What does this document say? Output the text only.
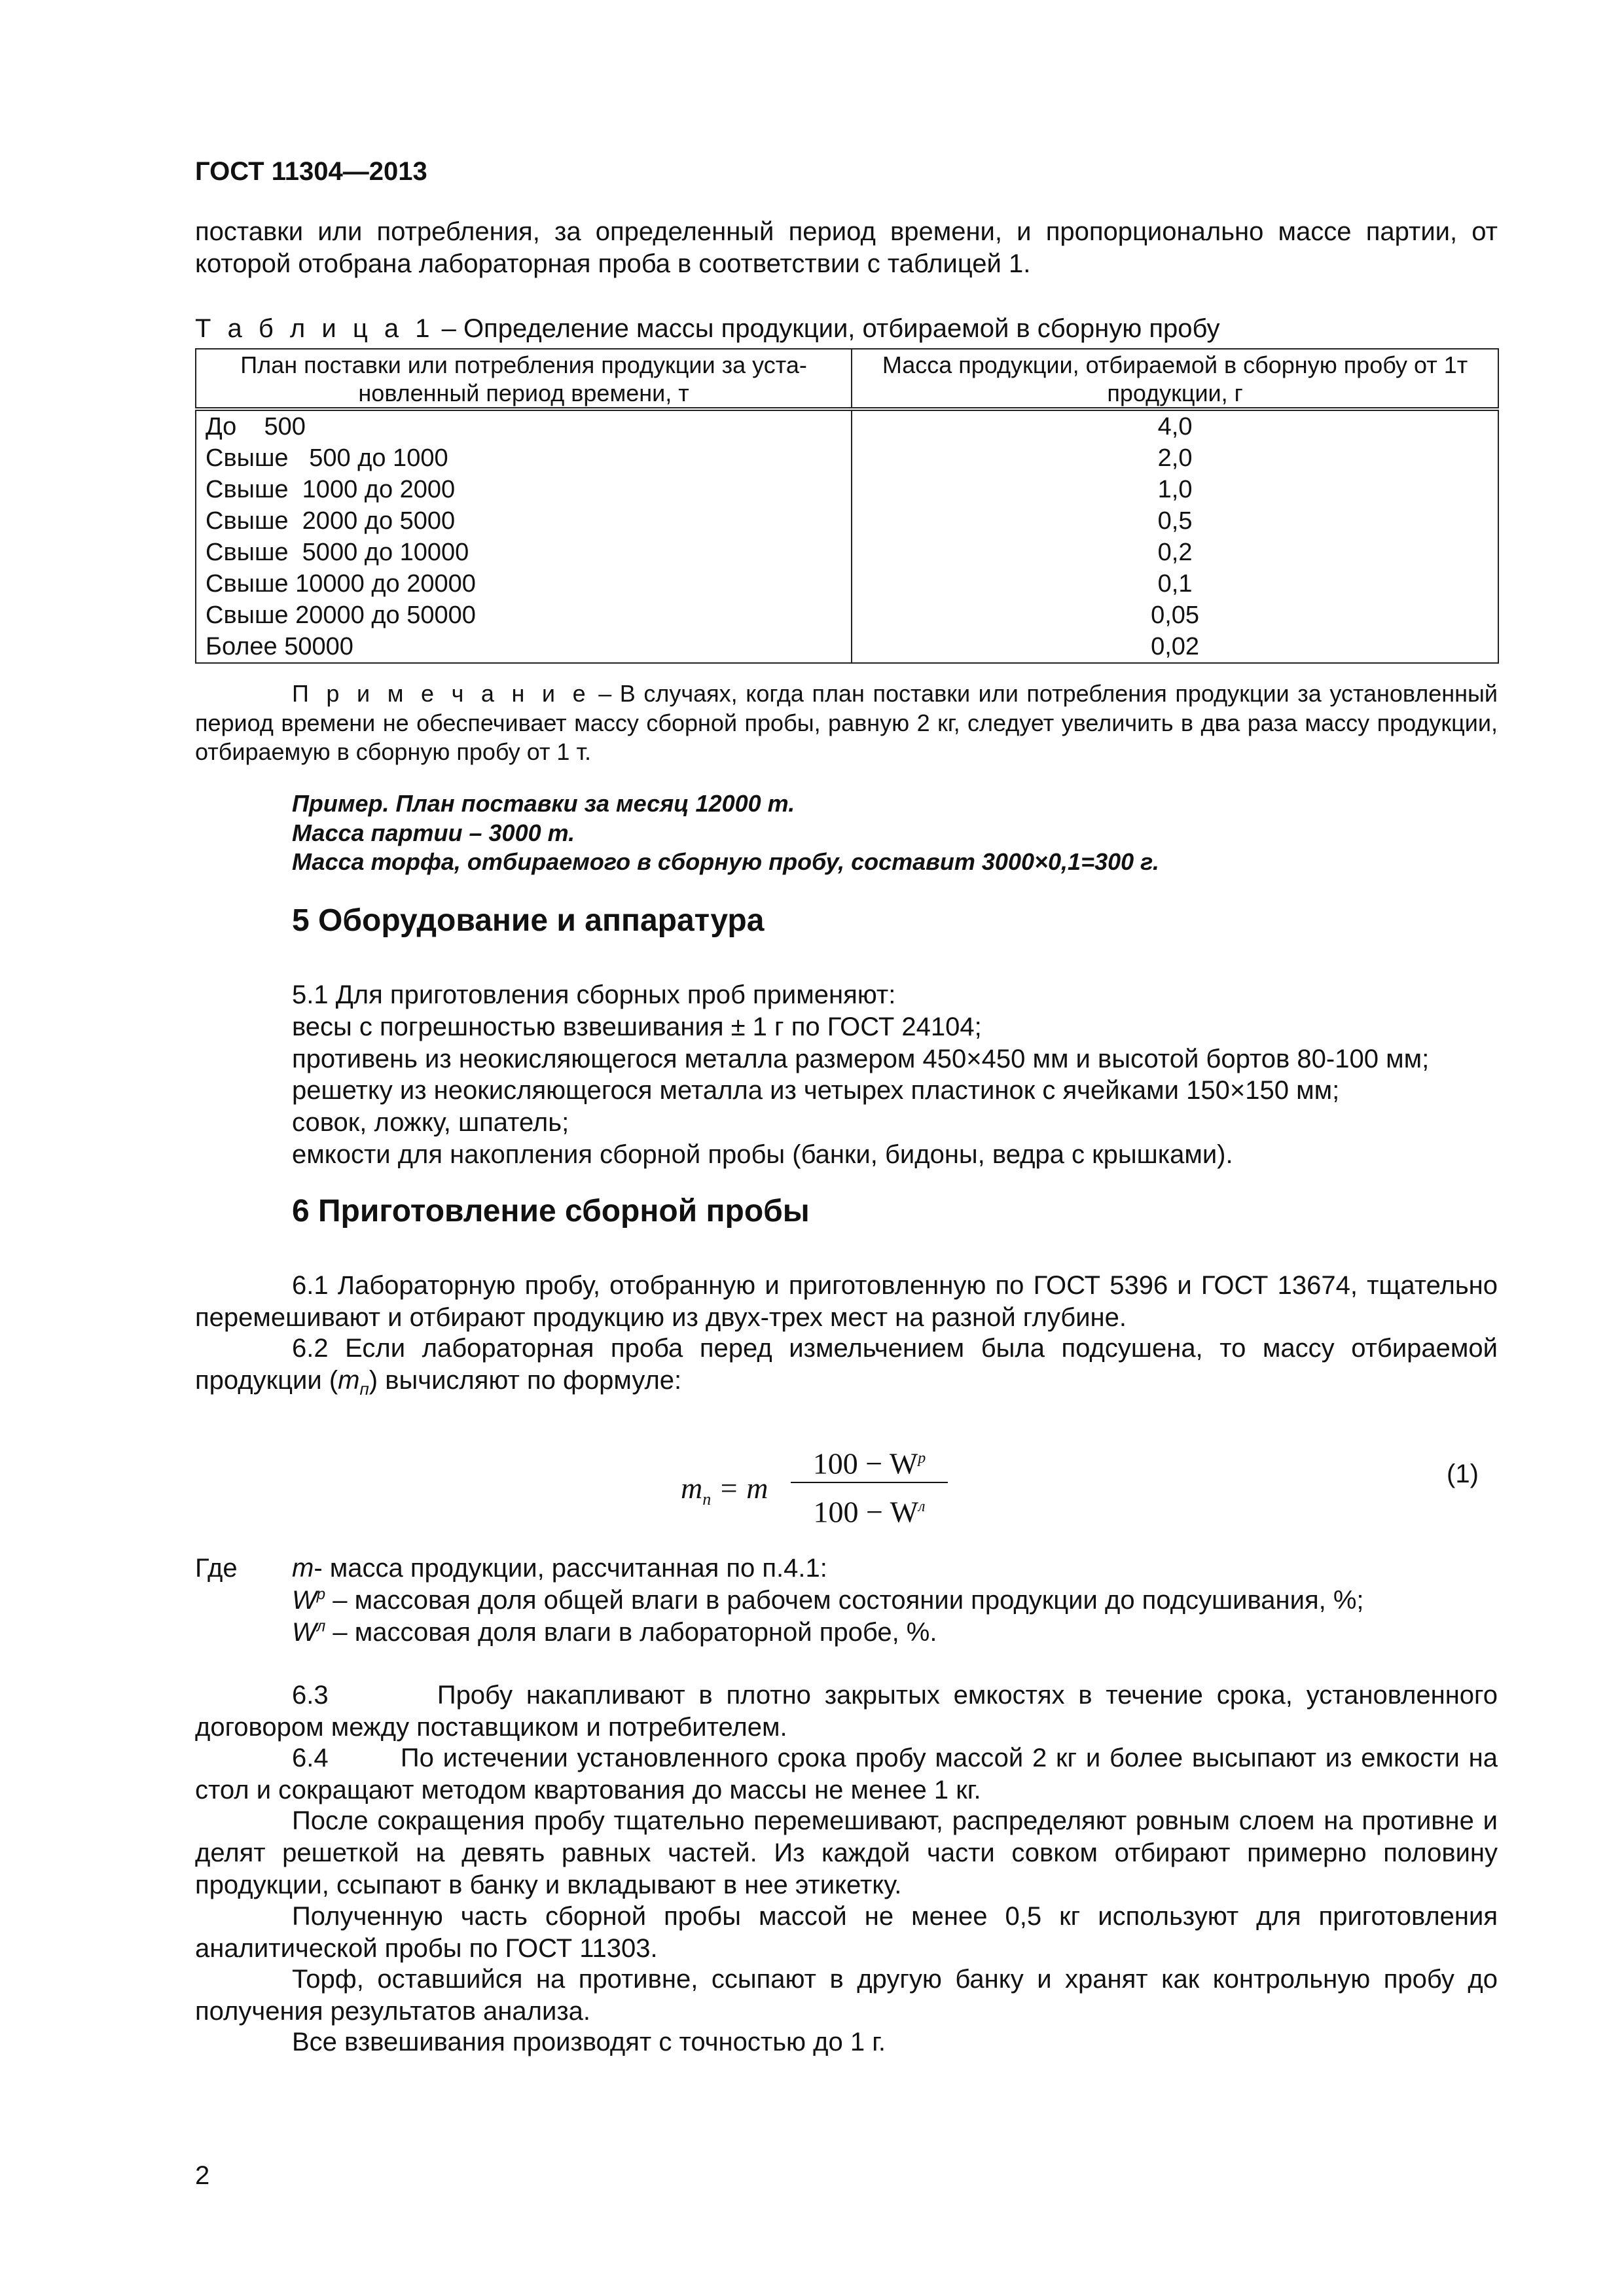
ГОСТ 11304—2013
поставки или потребления, за определенный период времени, и пропорционально массе партии, от которой отобрана лабораторная проба в соответствии с таблицей 1.
Т а б л и ц а 1 – Определение массы продукции, отбираемой в сборную пробу
План поставки или потребления продукции за уста-новленный период времени, т	Масса продукции, отбираемой в сборную пробу от 1т продукции, г
До    500	4,0
Свыше   500 до 1000	2,0
Свыше  1000 до 2000	1,0
Свыше  2000 до 5000	0,5
Свыше  5000 до 10000	0,2
Свыше 10000 до 20000	0,1
Свыше 20000 до 50000	0,05
Более 50000	0,02
П р и м е ч а н и е – В случаях, когда план поставки или потребления продукции за установленный период времени не обеспечивает массу сборной пробы, равную 2 кг, следует увеличить в два раза массу продукции, отбираемую в сборную пробу от 1 т.
Пример. План поставки за месяц 12000 т.
Масса партии – 3000 т.
Масса торфа, отбираемого в сборную пробу, составит 3000×0,1=300 г.
5 Оборудование и аппаратура
5.1 Для приготовления сборных проб применяют:
весы с погрешностью взвешивания ± 1 г по ГОСТ 24104;
противень из неокисляющегося металла размером 450×450 мм и высотой бортов 80-100 мм;
решетку из неокисляющегося металла из четырех пластинок с ячейками 150×150 мм;
совок, ложку, шпатель;
емкости для накопления сборной пробы (банки, бидоны, ведра с крышками).
6 Приготовление сборной пробы
6.1 Лабораторную пробу, отобранную и приготовленную по ГОСТ 5396 и ГОСТ 13674, тщательно перемешивают и отбирают продукцию из двух-трех мест на разной глубине.
6.2 Если лабораторная проба перед измельчением была подсушена, то массу отбираемой продукции $(m_п)$ вычисляют по формуле:
$m_п = m$
$100 - W^р$
$100 - W^л$
(1)
Где m- масса продукции, рассчитанная по п.4.1:
$W^р$ – массовая доля общей влаги в рабочем состоянии продукции до подсушивания, %;
$W^л$ – массовая доля влаги в лабораторной пробе, %.
6.3        Пробу накапливают в плотно закрытых емкостях в течение срока, установленного договором между поставщиком и потребителем.
6.4        По истечении установленного срока пробу массой 2 кг и более высыпают из емкости на стол и сокращают методом квартования до массы не менее 1 кг.
После сокращения пробу тщательно перемешивают, распределяют ровным слоем на противне и делят решеткой на девять равных частей. Из каждой части совком отбирают примерно половину продукции, ссыпают в банку и вкладывают в нее этикетку.
Полученную часть сборной пробы массой не менее 0,5 кг используют для приготовления аналитической пробы по ГОСТ 11303.
Торф, оставшийся на противне, ссыпают в другую банку и хранят как контрольную пробу до получения результатов анализа.
Все взвешивания производят с точностью до 1 г.
2
